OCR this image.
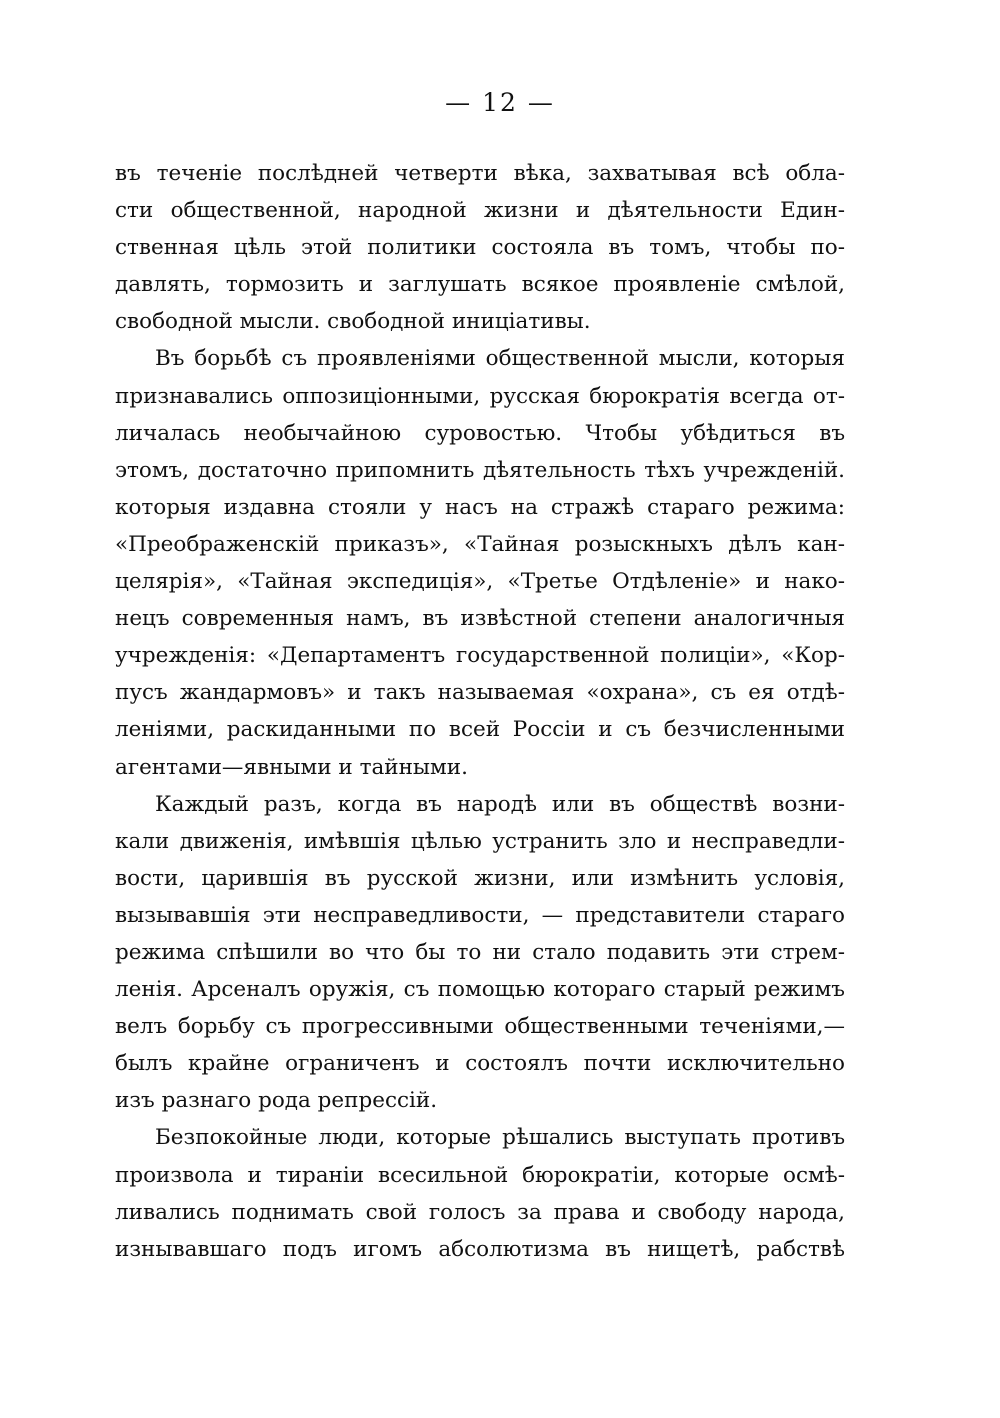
— 12 —
въ теченіе послѣдней четверти вѣка, захватывая всѣ обла-
сти общественной, народной жизни и дѣятельности Един-
ственная цѣль этой политики состояла въ томъ, чтобы по-
давлять, тормозить и заглушать всякое проявленіе смѣлой,
свободной мысли. свободной иниціативы.
Въ борьбѣ съ проявленіями общественной мысли, которыя
признавались оппозиціонными, русская бюрократія всегда от-
личалась необычайною суровостью. Чтобы убѣдиться въ
этомъ, достаточно припомнить дѣятельность тѣхъ учрежденій.
которыя издавна стояли у насъ на стражѣ стараго режима:
«Преображенскій приказъ», «Тайная розыскныхъ дѣлъ кан-
целярія», «Тайная экспедиція», «Третье Отдѣленіе» и нако-
нецъ современныя намъ, въ извѣстной степени аналогичныя
учрежденія: «Департаментъ государственной полиціи», «Кор-
пусъ жандармовъ» и такъ называемая «охрана», съ ея отдѣ-
леніями, раскиданными по всей Россіи и съ безчисленными
агентами—явными и тайными.
Каждый разъ, когда въ народѣ или въ обществѣ возни-
кали движенія, имѣвшія цѣлью устранить зло и несправедли-
вости, царившія въ русской жизни, или измѣнить условія,
вызывавшія эти несправедливости, — представители стараго
режима спѣшили во что бы то ни стало подавить эти стрем-
ленія. Арсеналъ оружія, съ помощью котораго старый режимъ
велъ борьбу съ прогрессивными общественными теченіями,—
былъ крайне ограниченъ и состоялъ почти исключительно
изъ разнаго рода репрессій.
Безпокойные люди, которые рѣшались выступать противъ
произвола и тираніи всесильной бюрократіи, которые осмѣ-
ливались поднимать свой голосъ за права и свободу народа,
изнывавшаго подъ игомъ абсолютизма въ нищетѣ, рабствѣ
